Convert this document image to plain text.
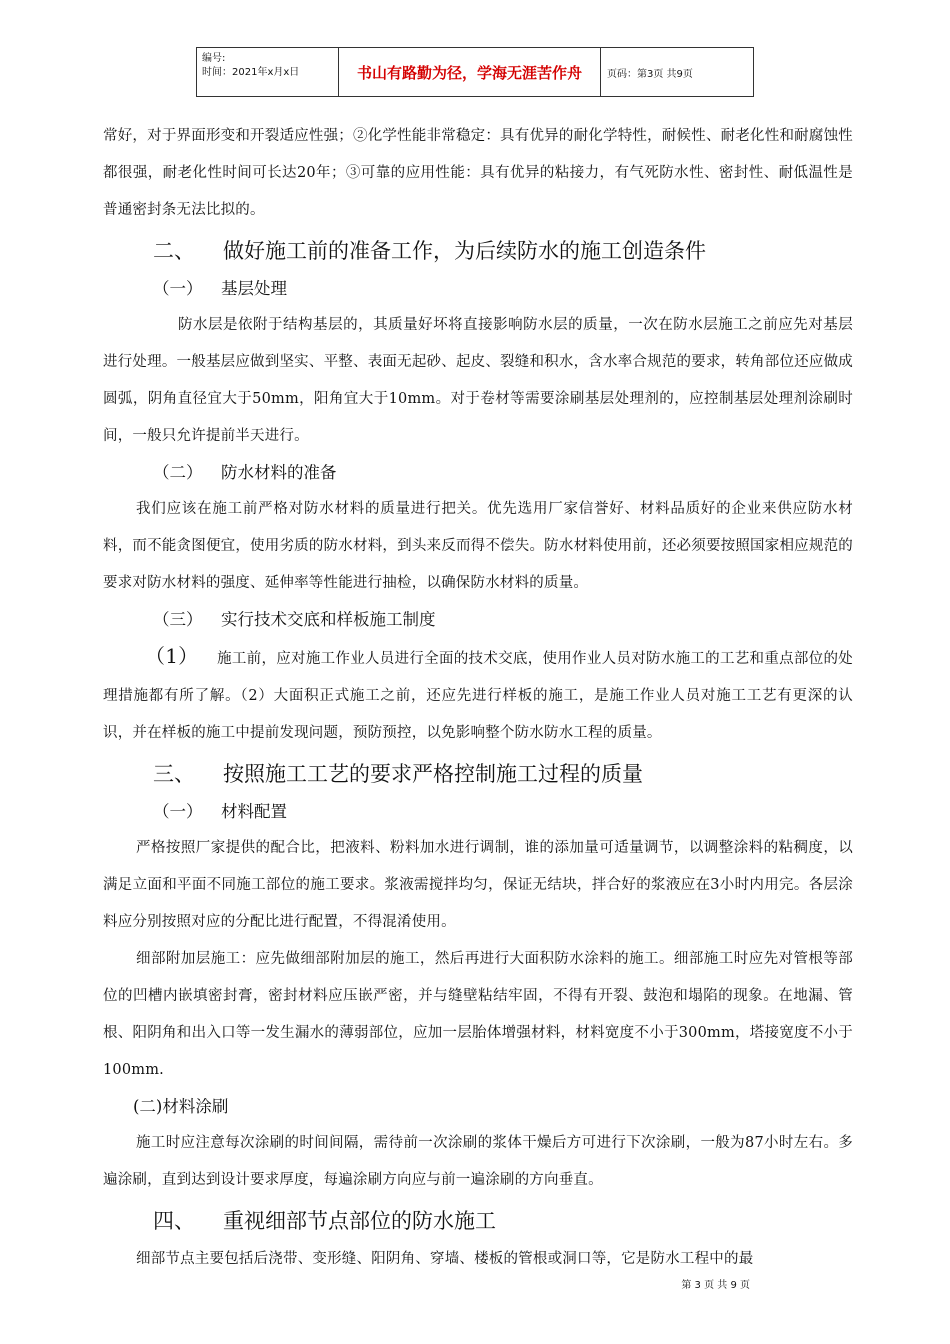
编号:
时间：2021年x月x日	书山有路勤为径，学海无涯苦作舟	页码：第3页 共9页

常好，对于界面形变和开裂适应性强；②化学性能非常稳定：具有优异的耐化学特性，耐候性、耐老化性和耐腐蚀性都很强，耐老化性时间可长达20年；③可靠的应用性能：具有优异的粘接力，有气死防水性、密封性、耐低温性是普通密封条无法比拟的。

二、 做好施工前的准备工作，为后续防水的施工创造条件
（一） 基层处理

防水层是依附于结构基层的，其质量好坏将直接影响防水层的质量，一次在防水层施工之前应先对基层进行处理。一般基层应做到坚实、平整、表面无起砂、起皮、裂缝和积水，含水率合规范的要求，转角部位还应做成圆弧，阴角直径宜大于50mm，阳角宜大于10mm。对于卷材等需要涂刷基层处理剂的，应控制基层处理剂涂刷时间，一般只允许提前半天进行。

（二） 防水材料的准备

我们应该在施工前严格对防水材料的质量进行把关。优先选用厂家信誉好、材料品质好的企业来供应防水材料，而不能贪图便宜，使用劣质的防水材料，到头来反而得不偿失。防水材料使用前，还必须要按照国家相应规范的要求对防水材料的强度、延伸率等性能进行抽检，以确保防水材料的质量。

（三） 实行技术交底和样板施工制度

（1） 施工前，应对施工作业人员进行全面的技术交底，使用作业人员对防水施工的工艺和重点部位的处理措施都有所了解。（2）大面积正式施工之前，还应先进行样板的施工，是施工作业人员对施工工艺有更深的认识，并在样板的施工中提前发现问题，预防预控，以免影响整个防水防水工程的质量。

三、 按照施工工艺的要求严格控制施工过程的质量
（一） 材料配置

严格按照厂家提供的配合比，把液料、粉料加水进行调制，谁的添加量可适量调节，以调整涂料的粘稠度，以满足立面和平面不同施工部位的施工要求。浆液需搅拌均匀，保证无结块，拌合好的浆液应在3小时内用完。各层涂料应分别按照对应的分配比进行配置，不得混淆使用。

细部附加层施工：应先做细部附加层的施工，然后再进行大面积防水涂料的施工。细部施工时应先对管根等部位的凹槽内嵌填密封膏，密封材料应压嵌严密，并与缝壁粘结牢固，不得有开裂、鼓泡和塌陷的现象。在地漏、管根、阳阴角和出入口等一发生漏水的薄弱部位，应加一层胎体增强材料，材料宽度不小于300mm，塔接宽度不小于100mm.

(二)材料涂刷

施工时应注意每次涂刷的时间间隔，需待前一次涂刷的浆体干燥后方可进行下次涂刷，一般为87小时左右。多遍涂刷，直到达到设计要求厚度，每遍涂刷方向应与前一遍涂刷的方向垂直。

四、 重视细部节点部位的防水施工

细部节点主要包括后浇带、变形缝、阳阴角、穿墙、楼板的管根或洞口等，它是防水工程中的最

第 3 页 共 9 页
